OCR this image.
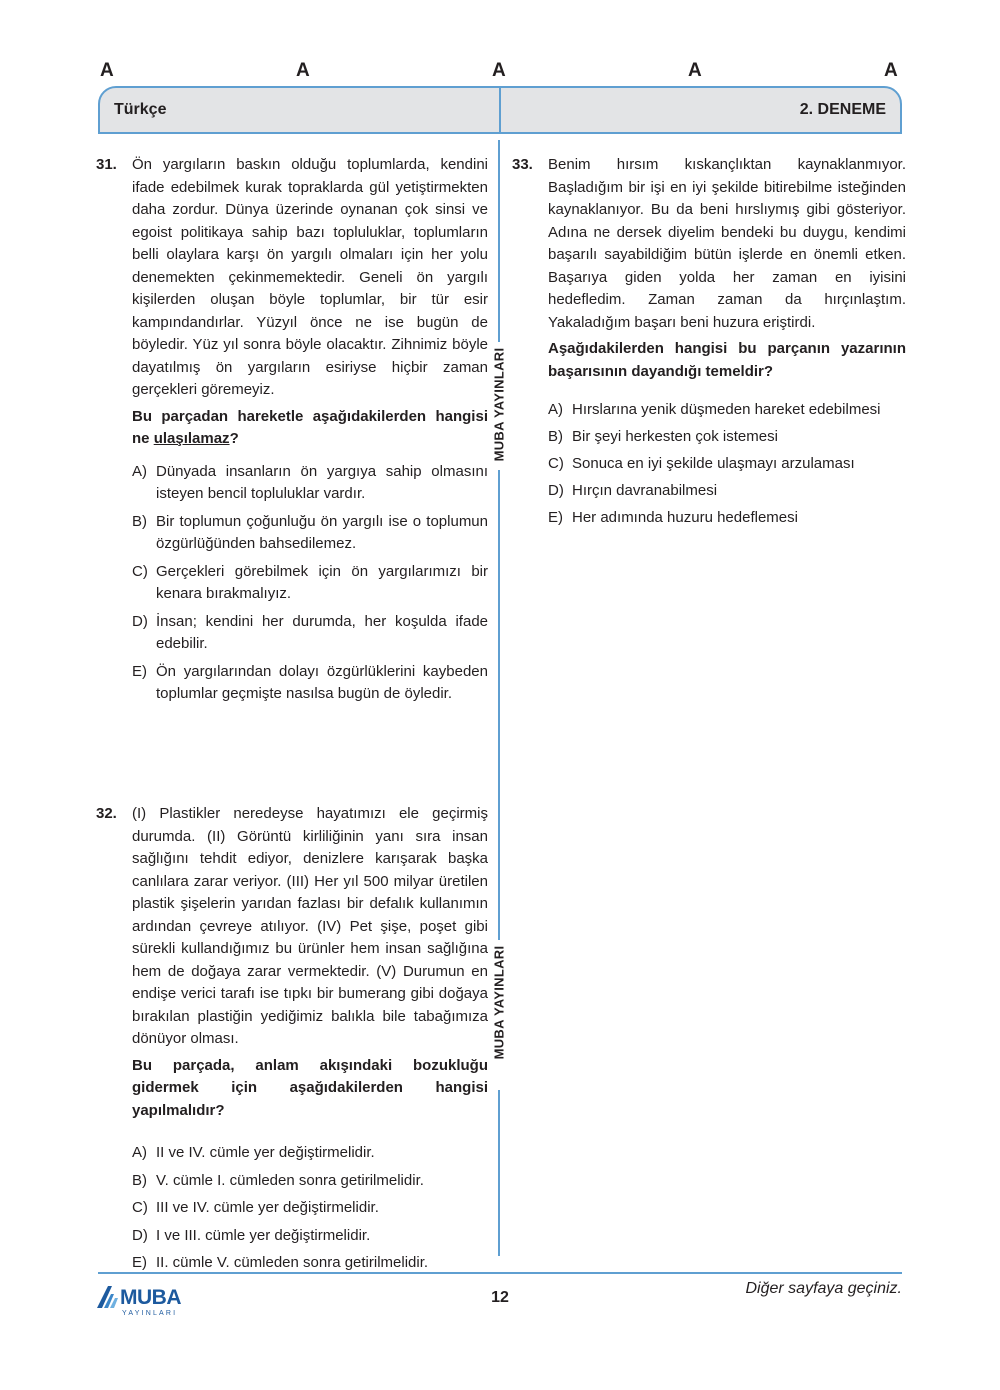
A	A	A	A	A
Türkçe	2. DENEME
MUBA YAYINLARI
MUBA YAYINLARI
31. Ön yargıların baskın olduğu toplumlarda, kendini ifade edebilmek kurak topraklarda gül yetiştirmekten daha zordur. Dünya üzerinde oynanan çok sinsi ve egoist politikaya sahip bazı topluluklar, toplumların belli olaylara karşı ön yargılı olmaları için her yolu denemekten çekinmemektedir. Geneli ön yargılı kişilerden oluşan böyle toplumlar, bir tür esir kampındandırlar. Yüzyıl önce ne ise bugün de böyledir. Yüz yıl sonra böyle olacaktır. Zihnimiz böyle dayatılmış ön yargıların esiriyse hiçbir zaman gerçekleri göremeyiz.
Bu parçadan hareketle aşağıdakilerden hangisi ne ulaşılamaz?
A) Dünyada insanların ön yargıya sahip olmasını isteyen bencil topluluklar vardır.
B) Bir toplumun çoğunluğu ön yargılı ise o toplumun özgürlüğünden bahsedilemez.
C) Gerçekleri görebilmek için ön yargılarımızı bir kenara bırakmalıyız.
D) İnsan; kendini her durumda, her koşulda ifade edebilir.
E) Ön yargılarından dolayı özgürlüklerini kaybeden toplumlar geçmişte nasılsa bugün de öyledir.
32. (I) Plastikler neredeyse hayatımızı ele geçirmiş durumda. (II) Görüntü kirliliğinin yanı sıra insan sağlığını tehdit ediyor, denizlere karışarak başka canlılara zarar veriyor. (III) Her yıl 500 milyar üretilen plastik şişelerin yarıdan fazlası bir defalık kullanımın ardından çevreye atılıyor. (IV) Pet şişe, poşet gibi sürekli kullandığımız bu ürünler hem insan sağlığına hem de doğaya zarar vermektedir. (V) Durumun en endişe verici tarafı ise tıpkı bir bumerang gibi doğaya bırakılan plastiğin yediğimiz balıkla bile tabağımıza dönüyor olması.
Bu parçada, anlam akışındaki bozukluğu gidermek için aşağıdakilerden hangisi yapılmalıdır?
A) II ve IV. cümle yer değiştirmelidir.
B) V. cümle I. cümleden sonra getirilmelidir.
C) III ve IV. cümle yer değiştirmelidir.
D) I ve III. cümle yer değiştirmelidir.
E) II. cümle V. cümleden sonra getirilmelidir.
33. Benim hırsım kıskançlıktan kaynaklanmıyor. Başladığım bir işi en iyi şekilde bitirebilme isteğinden kaynaklanıyor. Bu da beni hırslıymış gibi gösteriyor. Adına ne dersek diyelim bendeki bu duygu, kendimi başarılı sayabildiğim bütün işlerde en önemli etken. Başarıya giden yolda her zaman en iyisini hedefledim. Zaman zaman da hırçınlaştım. Yakaladığım başarı beni huzura eriştirdi.
Aşağıdakilerden hangisi bu parçanın yazarının başarısının dayandığı temeldir?
A) Hırslarına yenik düşmeden hareket edebilmesi
B) Bir şeyi herkesten çok istemesi
C) Sonuca en iyi şekilde ulaşmayı arzulaması
D) Hırçın davranabilmesi
E) Her adımında huzuru hedeflemesi
MUBA
YAYINLARI
12
Diğer sayfaya geçiniz.
